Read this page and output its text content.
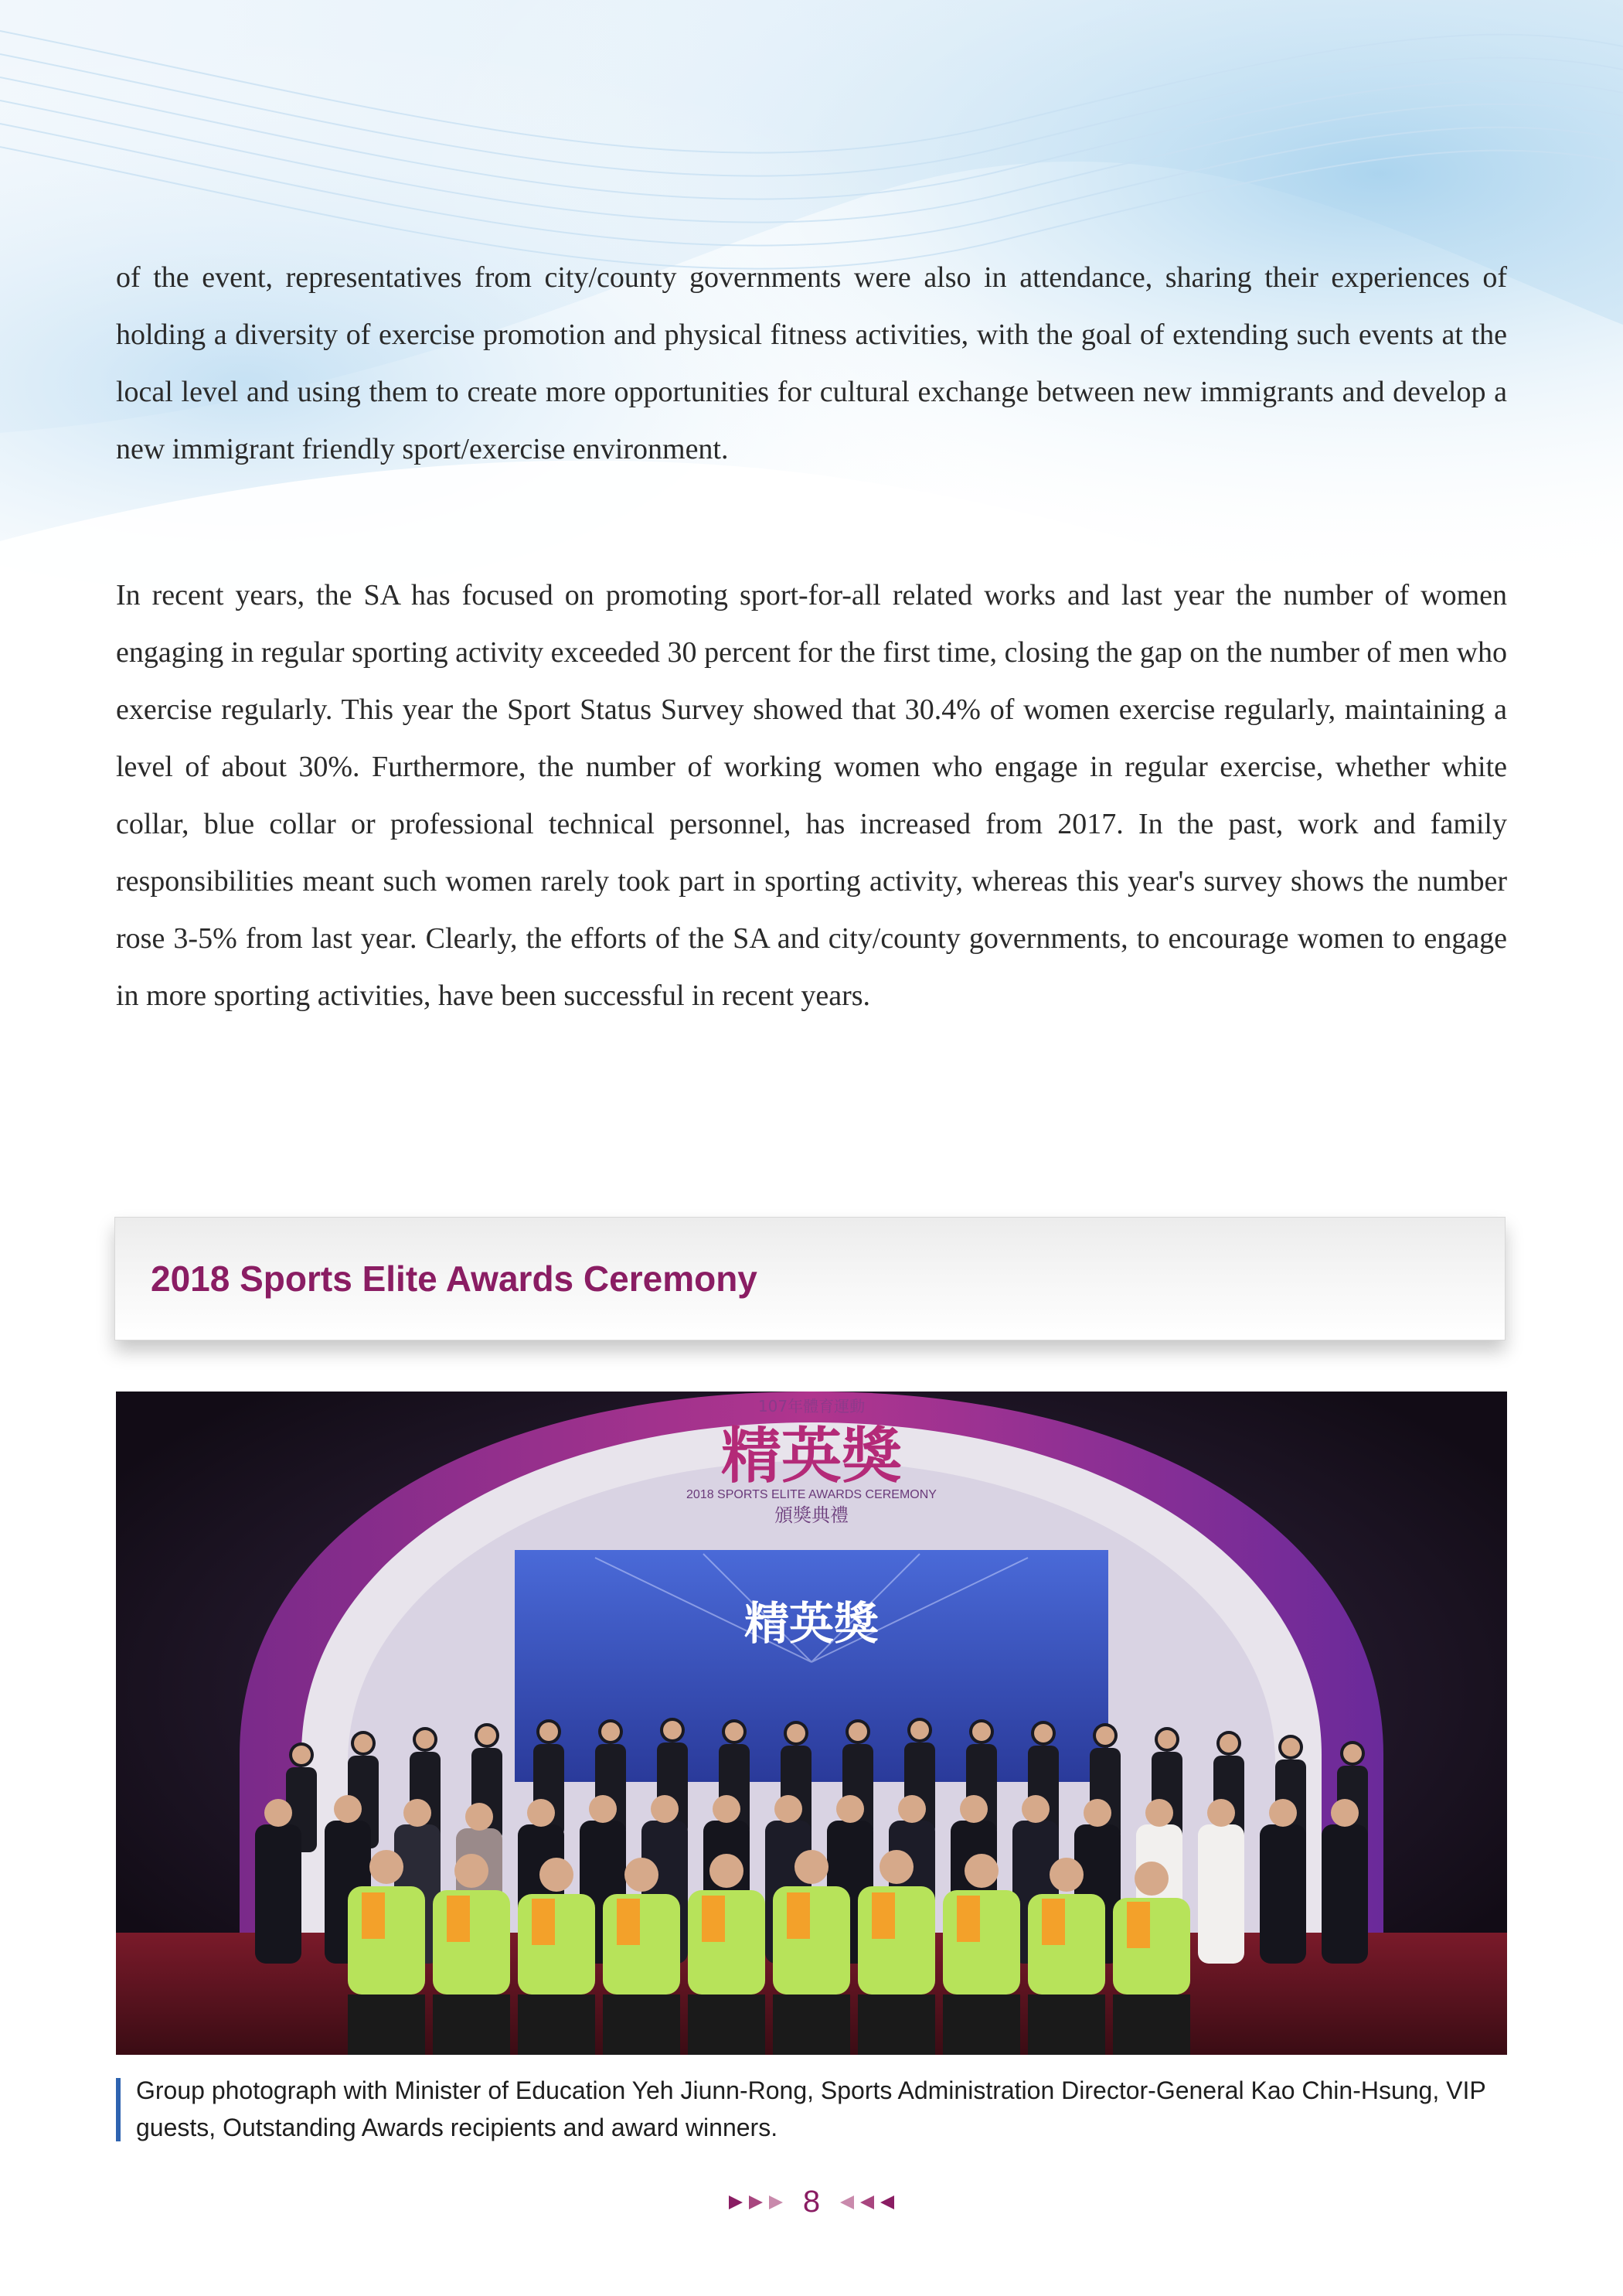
of the event, representatives from city/county governments were also in attendance, sharing their experiences of holding a diversity of exercise promotion and physical fitness activities, with the goal of extending such events at the local level and using them to create more opportunities for cultural exchange between new immigrants and develop a new immigrant friendly sport/exercise environment.

In recent years, the SA has focused on promoting sport-for-all related works and last year the number of women engaging in regular sporting activity exceeded 30 percent for the first time, closing the gap on the number of men who exercise regularly. This year the Sport Status Survey showed that 30.4% of women exercise regularly, maintaining a level of about 30%. Furthermore, the number of working women who engage in regular exercise, whether white collar, blue collar or professional technical personnel, has increased from 2017. In the past, work and family responsibilities meant such women rarely took part in sporting activity, whereas this year's survey shows the number rose 3-5% from last year. Clearly, the efforts of the SA and city/county governments, to encourage women to engage in more sporting activities, have been successful in recent years.

2018 Sports Elite Awards Ceremony
107年體育運動
精英獎
2018 SPORTS ELITE AWARDS CEREMONY
頒獎典禮
精英獎

Group photograph with Minister of Education Yeh Jiunn-Rong, Sports Administration Director-General Kao Chin-Hsung, VIP guests, Outstanding Awards recipients and award winners.

8
